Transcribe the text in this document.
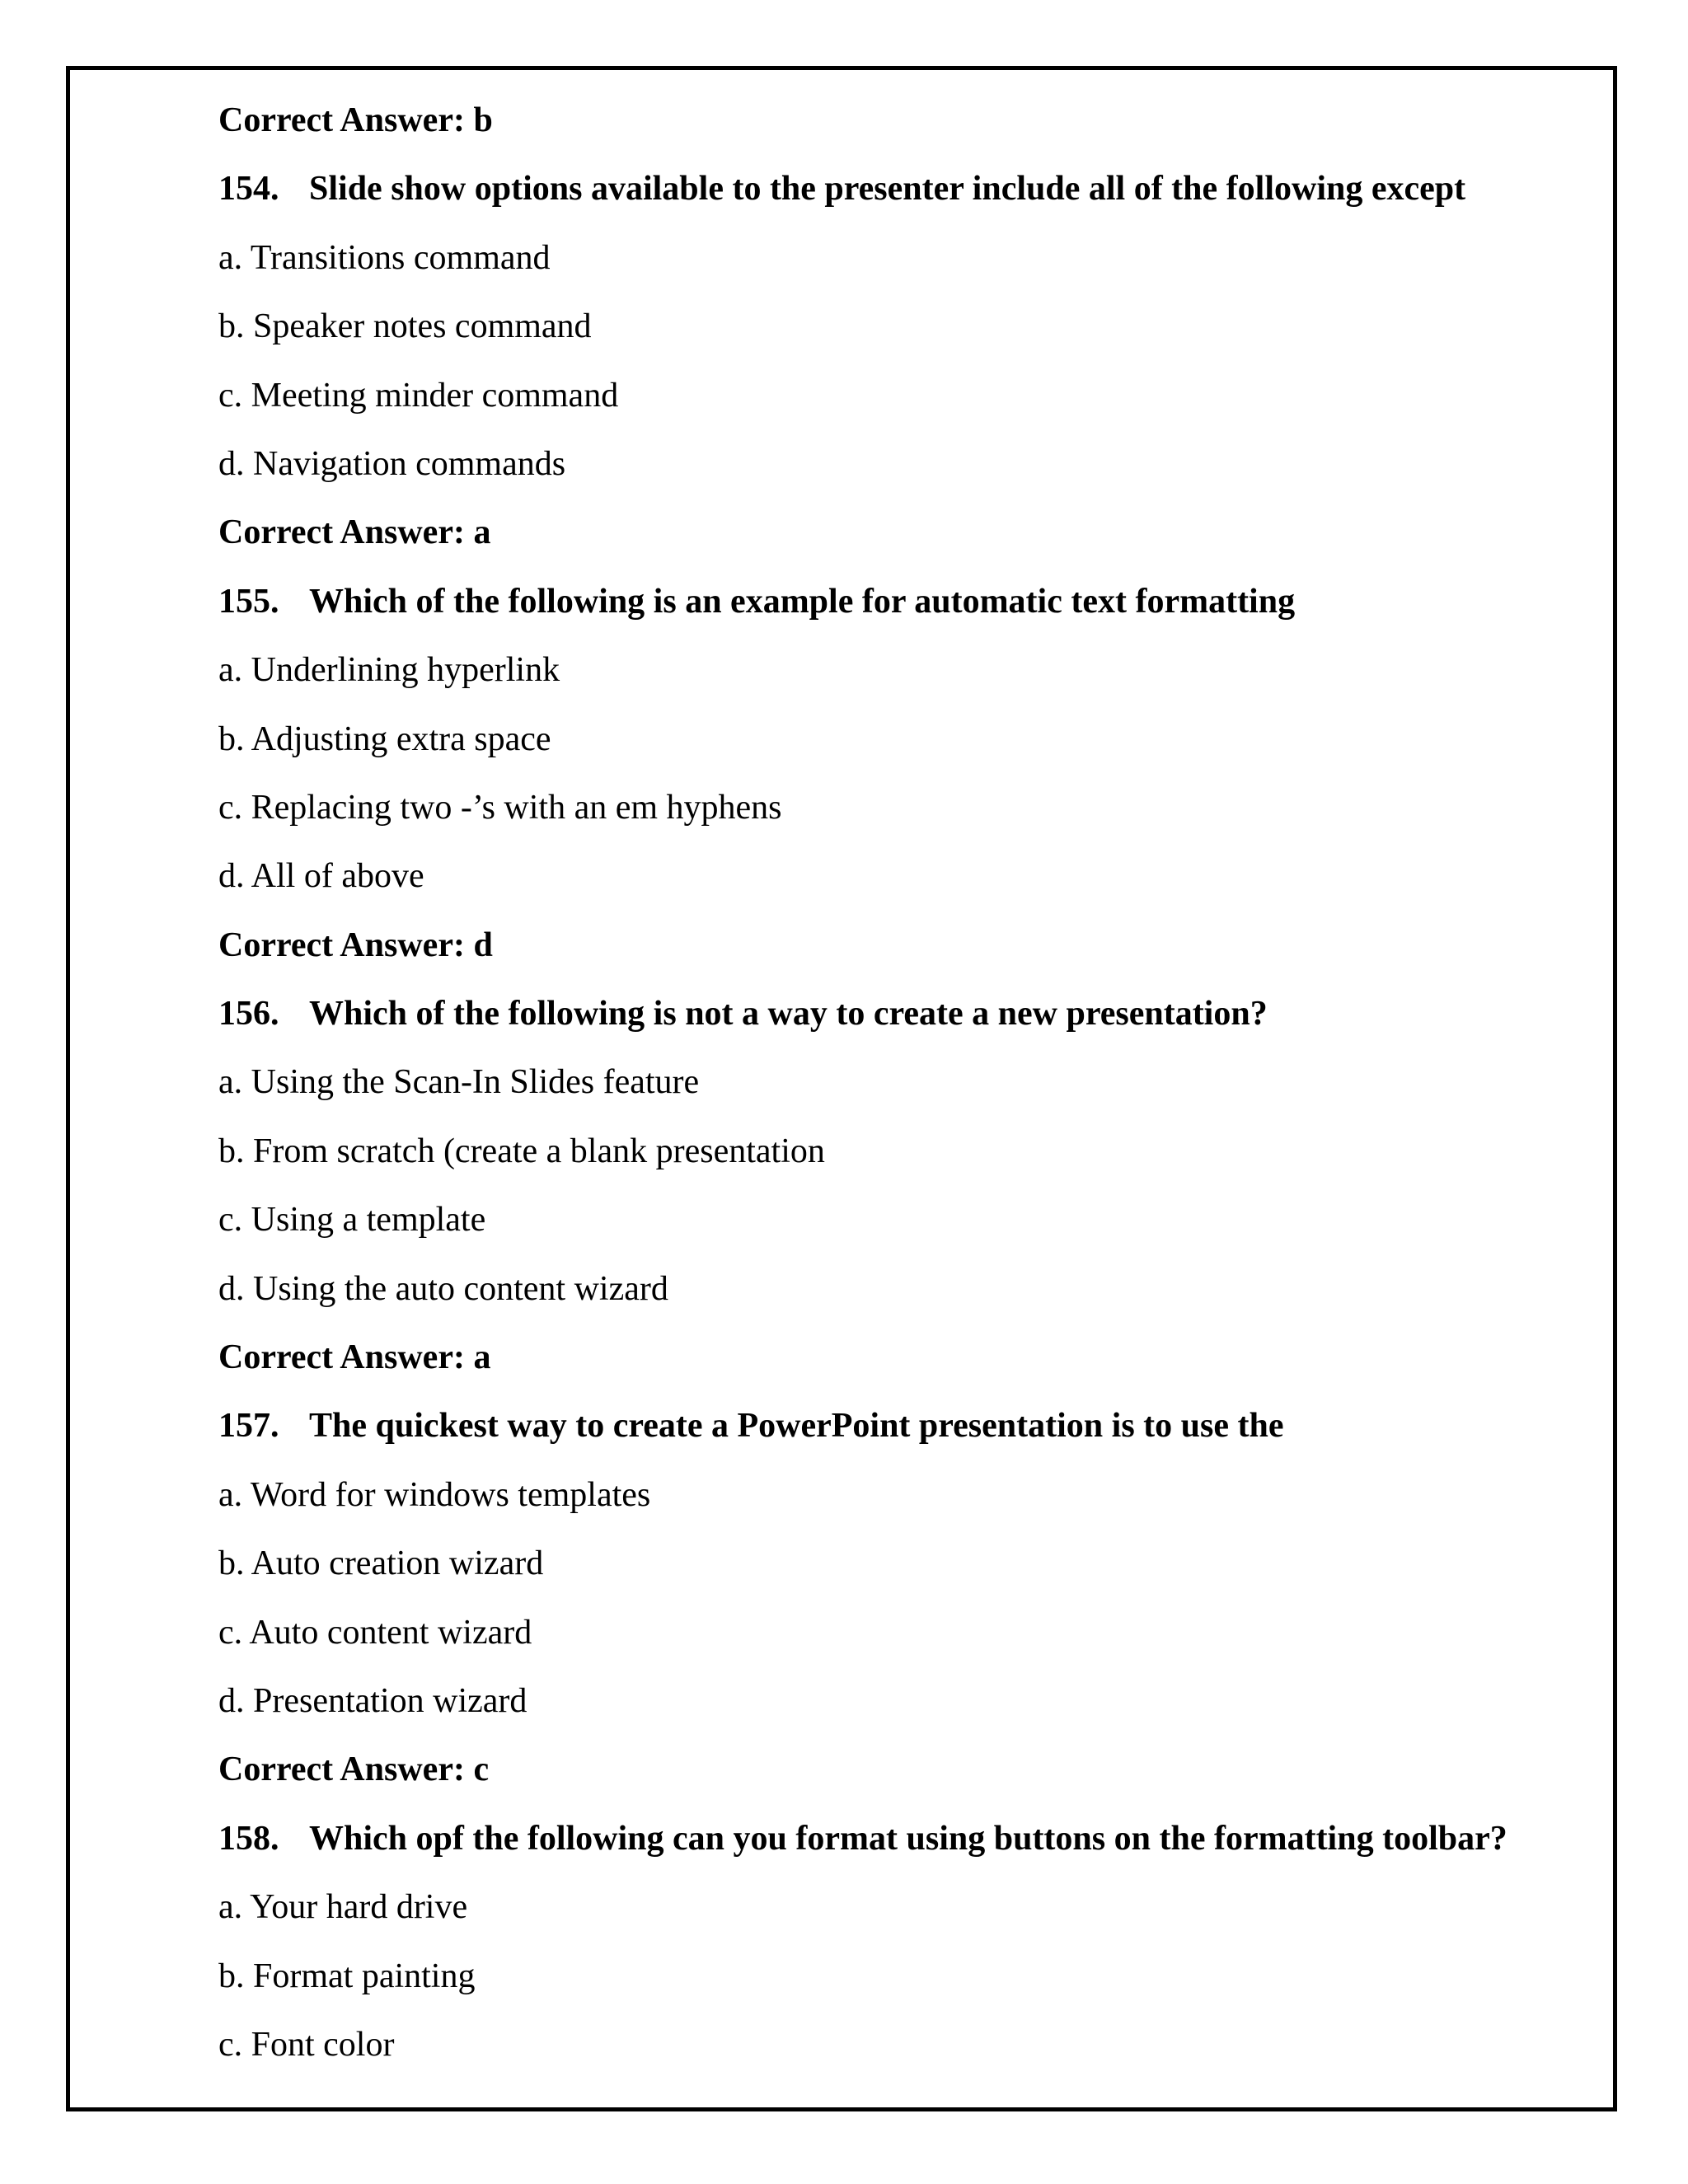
Correct Answer: b
154. Slide show options available to the presenter include all of the following except
a. Transitions command
b. Speaker notes command
c. Meeting minder command
d. Navigation commands
Correct Answer: a
155. Which of the following is an example for automatic text formatting
a. Underlining hyperlink
b. Adjusting extra space
c. Replacing two -’s with an em hyphens
d. All of above
Correct Answer: d
156. Which of the following is not a way to create a new presentation?
a. Using the Scan-In Slides feature
b. From scratch (create a blank presentation
c. Using a template
d. Using the auto content wizard
Correct Answer: a
157. The quickest way to create a PowerPoint presentation is to use the
a. Word for windows templates
b. Auto creation wizard
c. Auto content wizard
d. Presentation wizard
Correct Answer: c
158. Which opf the following can you format using buttons on the formatting toolbar?
a. Your hard drive
b. Format painting
c. Font color
